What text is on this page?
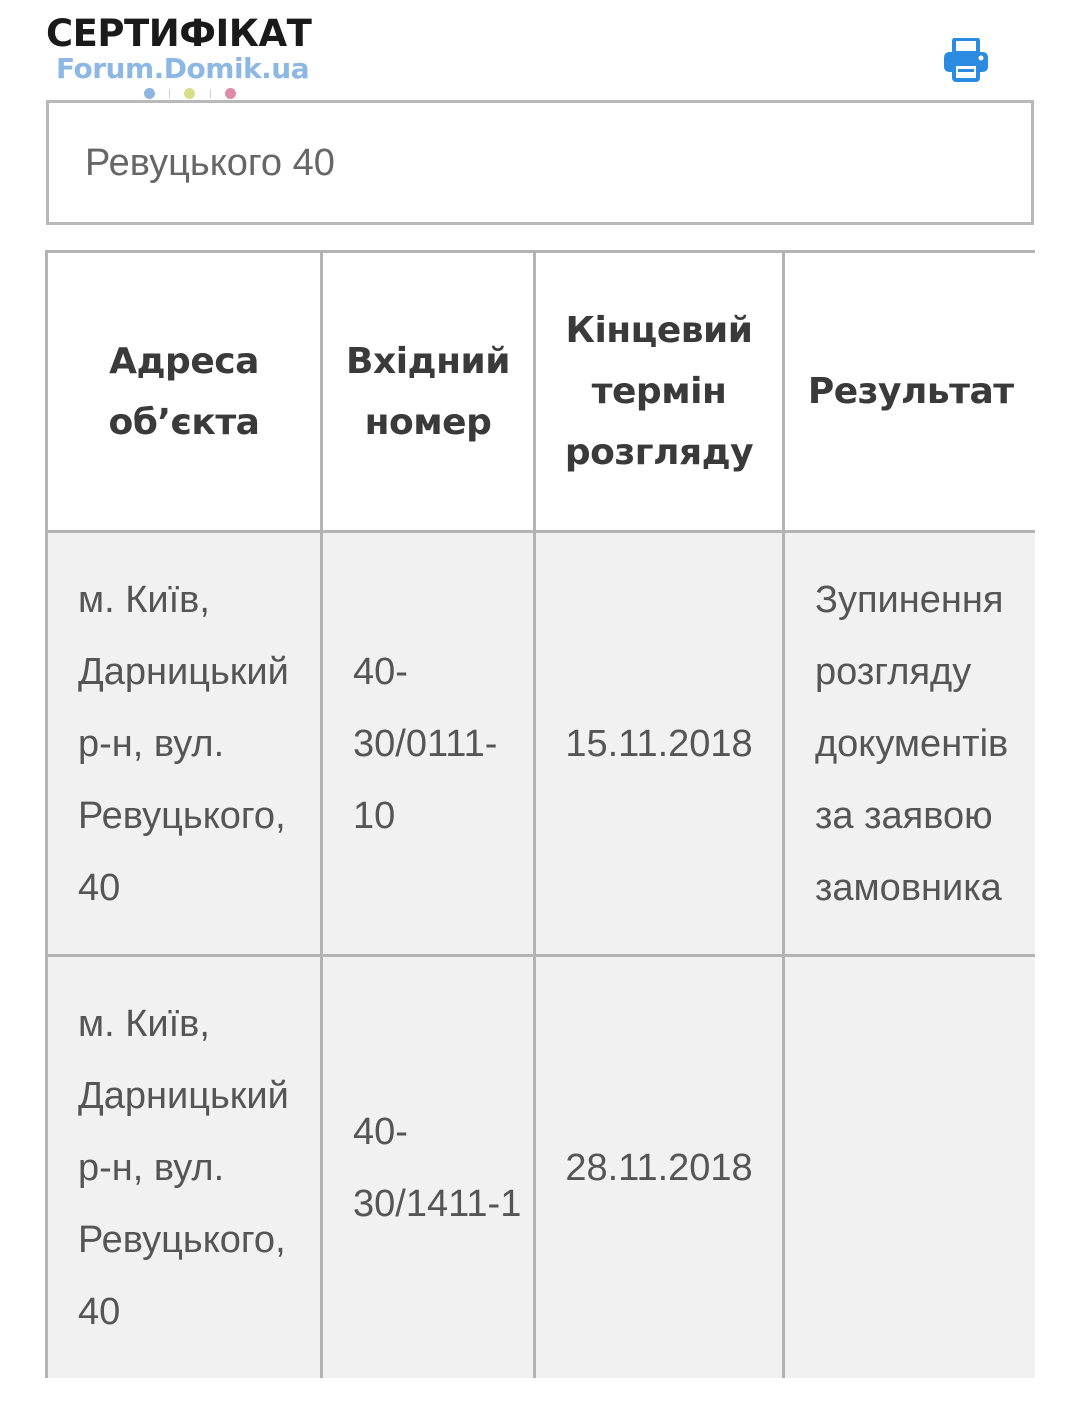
СЕРТИФІКАТ
Forum.Domik.ua
Ревуцького 40
Адреса об’єкта	Вхідний номер	Кінцевий термін розгляду	Результат
м. Київ, Дарницький р-н, вул. Ревуцького, 40	40-30/0111-10	15.11.2018	Зупинення розгляду документів за заявою замовника
м. Київ, Дарницький р-н, вул. Ревуцького, 40	40-30/1411-1	28.11.2018	
